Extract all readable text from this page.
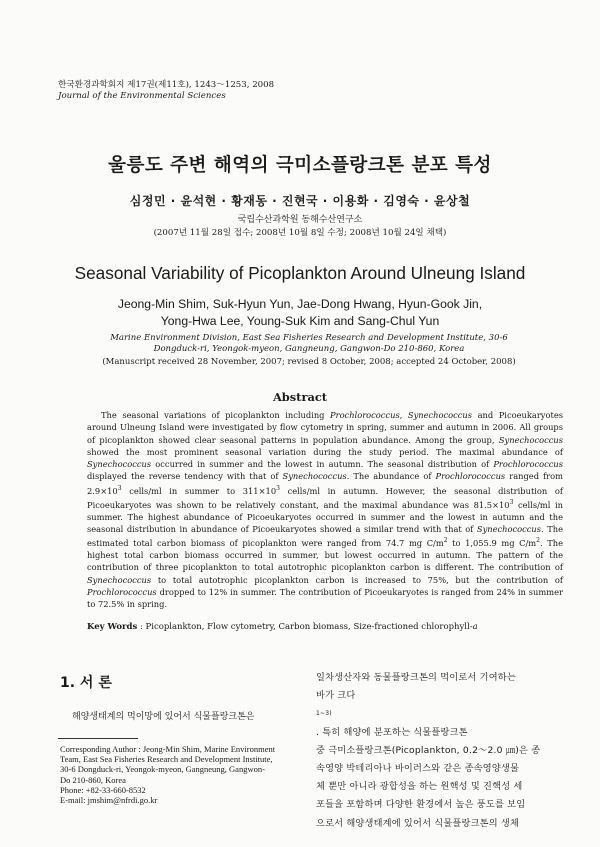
한국환경과학회지 제17권(제11호), 1243～1253, 2008
Journal of the Environmental Sciences
울릉도 주변 해역의 극미소플랑크톤 분포 특성
심정민 · 윤석현 · 황재동 · 진현국 · 이용화 · 김영숙 · 윤상철
국립수산과학원 동해수산연구소
(2007년 11월 28일 접수; 2008년 10월 8일 수정; 2008년 10월 24일 채택)
Seasonal Variability of Picoplankton Around Ulneung Island
Jeong-Min Shim, Suk-Hyun Yun, Jae-Dong Hwang, Hyun-Gook Jin,
Yong-Hwa Lee, Young-Suk Kim and Sang-Chul Yun
Marine Environment Division, East Sea Fisheries Research and Development Institute, 30-6
Dongduck-ri, Yeongok-myeon, Gangneung, Gangwon-Do 210-860, Korea
(Manuscript received 28 November, 2007; revised 8 October, 2008; accepted 24 October, 2008)
Abstract
The seasonal variations of picoplankton including Prochlorococcus, Synechococcus and Picoeukaryotes around Ulneung Island were investigated by flow cytometry in spring, summer and autumn in 2006. All groups of picoplankton showed clear seasonal patterns in population abundance. Among the group, Synechococcus showed the most prominent seasonal variation during the study period. The maximal abundance of Synechococcus occurred in summer and the lowest in autumn. The seasonal distribution of Prochlorococcus displayed the reverse tendency with that of Synechococcus. The abundance of Prochlorococcus ranged from $2.9\times 10^3$ cells/ml in summer to $311\times 10^3$ cells/ml in autumn. However, the seasonal distribution of Picoeukaryotes was shown to be relatively constant, and the maximal abundance was $81.5\times 10^3$ cells/ml in summer. The highest abundance of Picoeukaryotes occurred in summer and the lowest in autumn and the seasonal distribution in abundance of Picoeukaryotes showed a similar trend with that of Synechococcus. The estimated total carbon biomass of picoplankton were ranged from 74.7 mg $C/m^2$ to 1,055.9 mg $C/m^2$. The highest total carbon biomass occurred in summer, but lowest occurred in autumn. The pattern of the contribution of three picoplankton to total autotrophic picoplankton carbon is different. The contribution of Synechococcus to total autotrophic picoplankton carbon is increased to 75%, but the contribution of Prochlorococcus dropped to 12% in summer. The contribution of Picoeukaryotes is ranged from 24% in summer to 72.5% in spring.
Key Words : Picoplankton, Flow cytometry, Carbon biomass, Size-fractioned chlorophyll-a
1. 서 론
해양생태계의 먹이망에 있어서 식물플랑크톤은
Corresponding Author : Jeong-Min Shim, Marine Environment
Team, East Sea Fisheries Research and Development Institute,
30-6 Dongduck-ri, Yeongok-myeon, Gangneung, Gangwon-
Do 210-860, Korea
Phone: +82-33-660-8532
E-mail: jmshim@nfrdi.go.kr
일차생산자와 동물플랑크톤의 먹이로서 기여하는
바가 크다
1~3)
. 특히 해양에 분포하는 식물플랑크톤
중 극미소플랑크톤(Picoplankton, 0.2～2.0 ㎛)은 종
속영양 박테리아나 바이러스와 같은 종속영양생물
체 뿐만 아니라 광합성을 하는 원핵성 및 진핵성 세
포들을 포함하며 다양한 환경에서 높은 풍도를 보임
으로서 해양생태계에 있어서 식물플랑크톤의 생체
